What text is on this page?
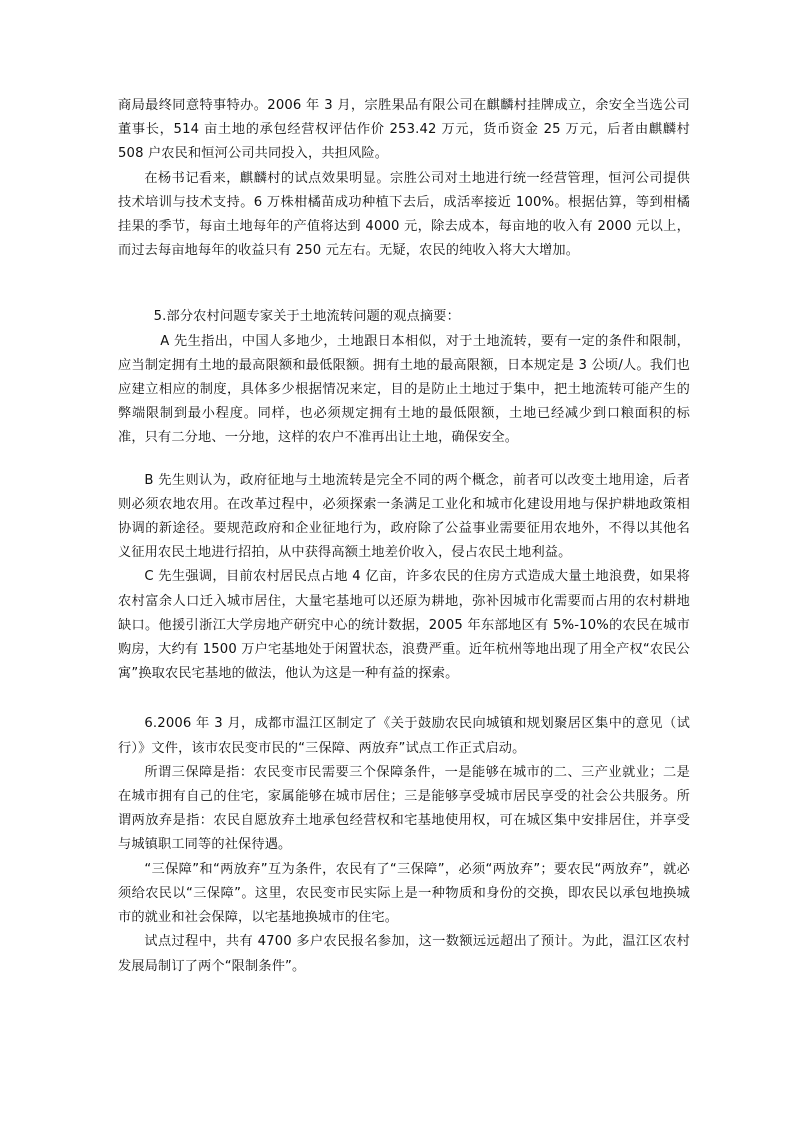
商局最终同意特事特办。2006 年 3 月，宗胜果品有限公司在麒麟村挂牌成立，余安全当选公司董事长，514 亩土地的承包经营权评估作价 253.42 万元，货币资金 25 万元，后者由麒麟村 508 户农民和恒河公司共同投入，共担风险。

在杨书记看来，麒麟村的试点效果明显。宗胜公司对土地进行统一经营管理，恒河公司提供技术培训与技术支持。6 万株柑橘苗成功种植下去后，成活率接近 100%。根据估算，等到柑橘挂果的季节，每亩土地每年的产值将达到 4000 元，除去成本，每亩地的收入有 2000 元以上，而过去每亩地每年的收益只有 250 元左右。无疑，农民的纯收入将大大增加。

5.部分农村问题专家关于土地流转问题的观点摘要：

A 先生指出，中国人多地少，土地跟日本相似，对于土地流转，要有一定的条件和限制，应当制定拥有土地的最高限额和最低限额。拥有土地的最高限额，日本规定是 3 公顷/人。我们也应建立相应的制度，具体多少根据情况来定，目的是防止土地过于集中，把土地流转可能产生的弊端限制到最小程度。同样，也必须规定拥有土地的最低限额，土地已经减少到口粮面积的标准，只有二分地、一分地，这样的农户不准再出让土地，确保安全。

B 先生则认为，政府征地与土地流转是完全不同的两个概念，前者可以改变土地用途，后者则必须农地农用。在改革过程中，必须探索一条满足工业化和城市化建设用地与保护耕地政策相协调的新途径。要规范政府和企业征地行为，政府除了公益事业需要征用农地外，不得以其他名义征用农民土地进行招拍，从中获得高额土地差价收入，侵占农民土地利益。

C 先生强调，目前农村居民点占地 4 亿亩，许多农民的住房方式造成大量土地浪费，如果将农村富余人口迁入城市居住，大量宅基地可以还原为耕地，弥补因城市化需要而占用的农村耕地缺口。他援引浙江大学房地产研究中心的统计数据，2005 年东部地区有 5%-10%的农民在城市购房，大约有 1500 万户宅基地处于闲置状态，浪费严重。近年杭州等地出现了用全产权“农民公寓”换取农民宅基地的做法，他认为这是一种有益的探索。

6.2006 年 3 月，成都市温江区制定了《关于鼓励农民向城镇和规划聚居区集中的意见（试行）》文件，该市农民变市民的“三保障、两放弃”试点工作正式启动。

所谓三保障是指：农民变市民需要三个保障条件，一是能够在城市的二、三产业就业；二是在城市拥有自己的住宅，家属能够在城市居住；三是能够享受城市居民享受的社会公共服务。所谓两放弃是指：农民自愿放弃土地承包经营权和宅基地使用权，可在城区集中安排居住，并享受与城镇职工同等的社保待遇。

“三保障”和“两放弃”互为条件，农民有了“三保障”，必须“两放弃”；要农民“两放弃”，就必须给农民以“三保障”。这里，农民变市民实际上是一种物质和身份的交换，即农民以承包地换城市的就业和社会保障，以宅基地换城市的住宅。

试点过程中，共有 4700 多户农民报名参加，这一数额远远超出了预计。为此，温江区农村发展局制订了两个“限制条件”。
